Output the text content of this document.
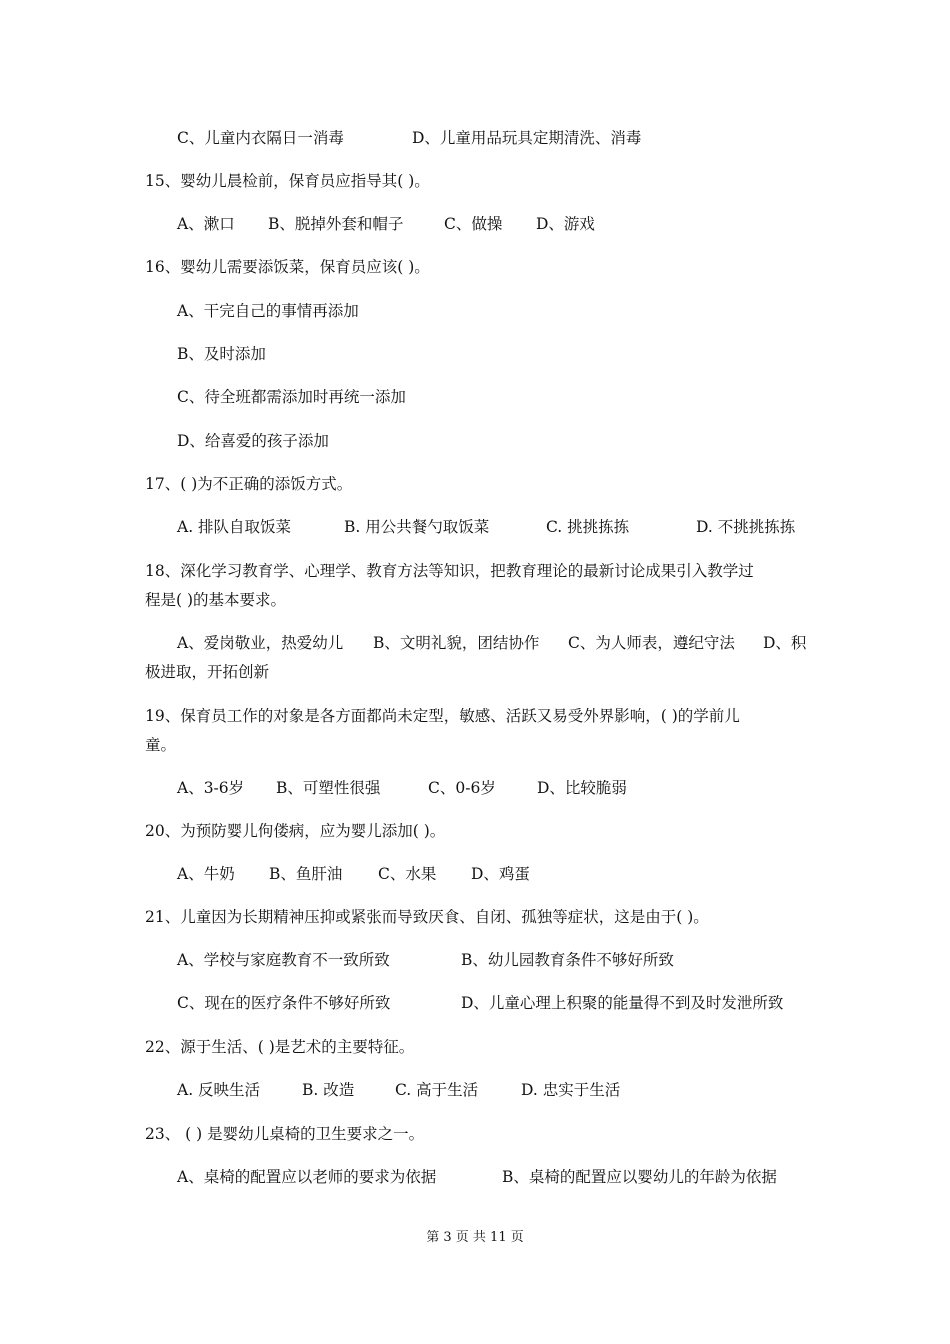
C、儿童内衣隔日一消毒	D、儿童用品玩具定期清洗、消毒
15、婴幼儿晨检前，保育员应指导其( )。
A、漱口 B、脱掉外套和帽子	C、做操 D、游戏
16、婴幼儿需要添饭菜，保育员应该( )。
A、干完自己的事情再添加
B、及时添加
C、待全班都需添加时再统一添加
D、给喜爱的孩子添加
17、( )为不正确的添饭方式。
A. 排队自取饭菜	B. 用公共餐勺取饭菜	C. 挑挑拣拣	D. 不挑挑拣拣
18、深化学习教育学、心理学、教育方法等知识，把教育理论的最新讨论成果引入教学过
程是( )的基本要求。
A、爱岗敬业，热爱幼儿 B、文明礼貌，团结协作 C、为人师表，遵纪守法 D、积
极进取，开拓创新
19、保育员工作的对象是各方面都尚未定型，敏感、活跃又易受外界影响，( )的学前儿
童。
A、3-6岁 B、可塑性很强	C、0-6岁	D、比较脆弱
20、为预防婴儿佝偻病，应为婴儿添加( )。
A、牛奶 B、鱼肝油 C、水果 D、鸡蛋
21、儿童因为长期精神压抑或紧张而导致厌食、自闭、孤独等症状，这是由于( )。
A、学校与家庭教育不一致所致	B、幼儿园教育条件不够好所致
C、现在的医疗条件不够好所致	D、儿童心理上积聚的能量得不到及时发泄所致
22、源于生活、( )是艺术的主要特征。
A. 反映生活	B. 改造	C. 高于生活	D. 忠实于生活
23、 ( ) 是婴幼儿桌椅的卫生要求之一。
A、桌椅的配置应以老师的要求为依据	B、桌椅的配置应以婴幼儿的年龄为依据
第 3 页 共 11 页
